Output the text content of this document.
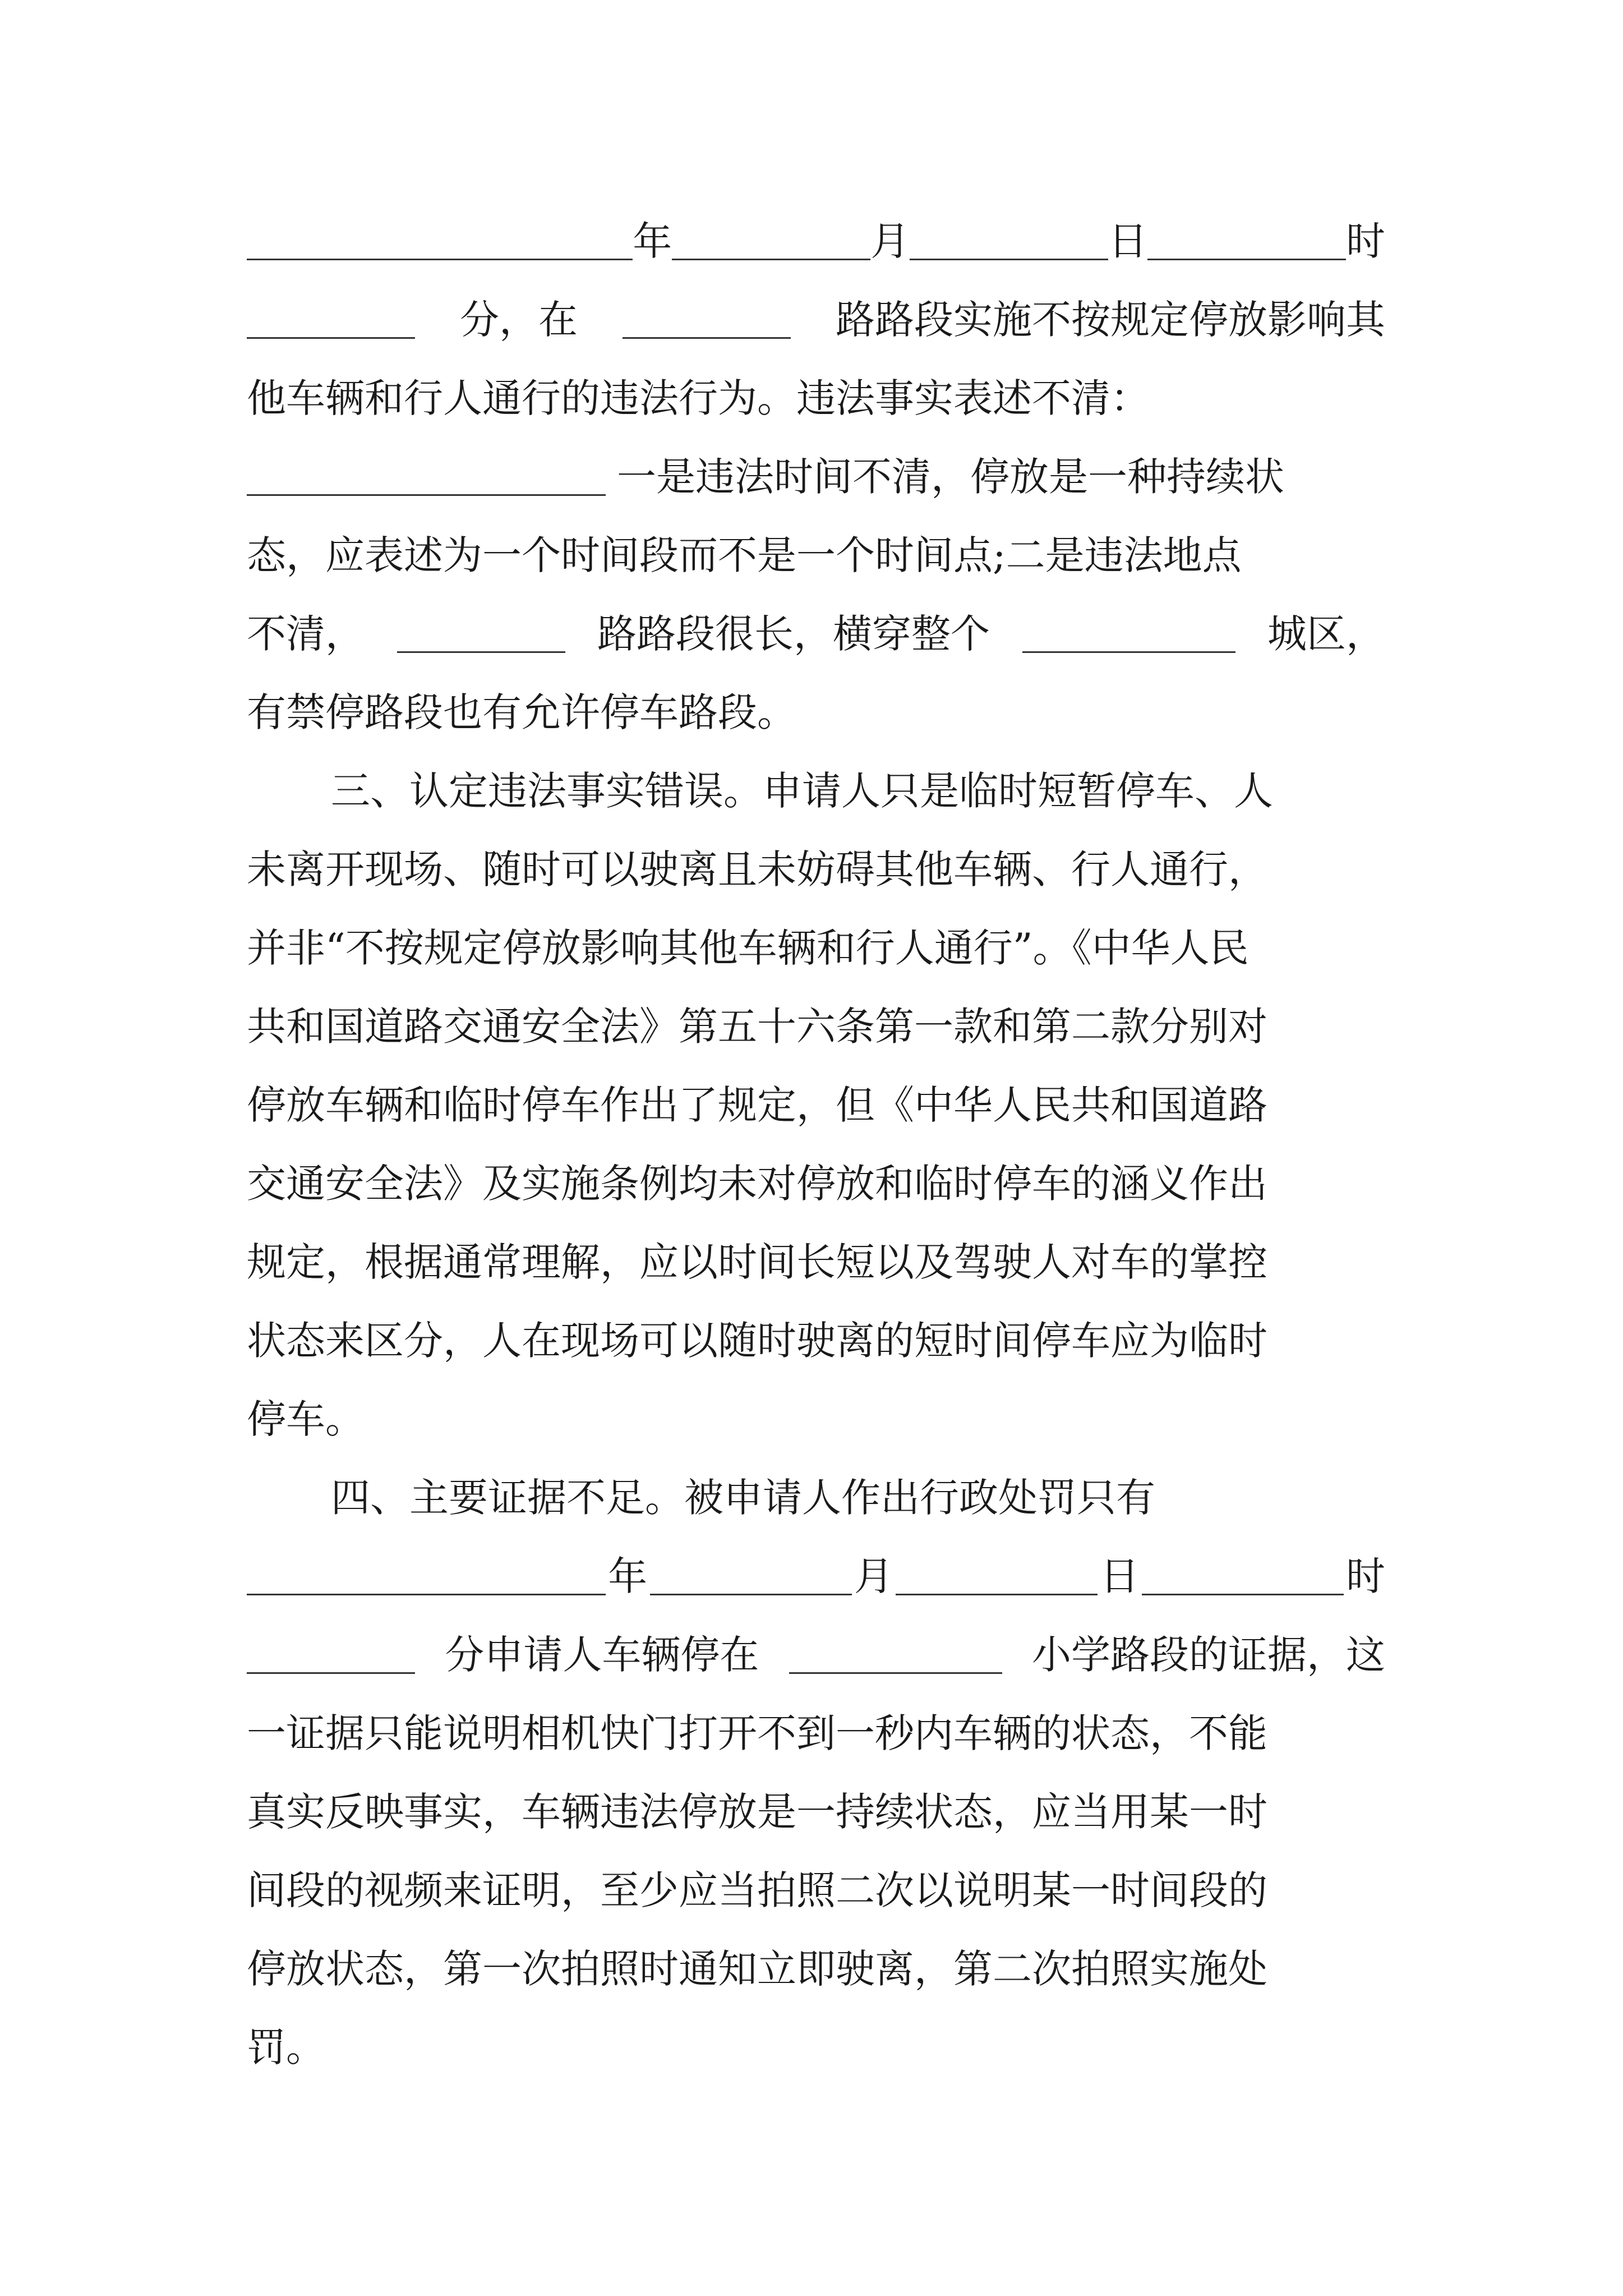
年	月	日	时
分，在	路路段实施不按规定停放影响其
他车辆和行人通行的违法行为。违法事实表述不清：
一是违法时间不清，停放是一种持续状
态，应表述为一个时间段而不是一个时间点;二是违法地点
不清，	路路段很长，横穿整个	城区，
有禁停路段也有允许停车路段。
三、认定违法事实错误。申请人只是临时短暂停车、人
未离开现场、随时可以驶离且未妨碍其他车辆、行人通行，
并非“不按规定停放影响其他车辆和行人通行”。《中华人民
共和国道路交通安全法》第五十六条第一款和第二款分别对
停放车辆和临时停车作出了规定，但《中华人民共和国道路
交通安全法》及实施条例均未对停放和临时停车的涵义作出
规定，根据通常理解，应以时间长短以及驾驶人对车的掌控
状态来区分，人在现场可以随时驶离的短时间停车应为临时
停车。
四、主要证据不足。被申请人作出行政处罚只有
年	月	日	时
分申请人车辆停在	小学路段的证据，这
一证据只能说明相机快门打开不到一秒内车辆的状态，不能
真实反映事实，车辆违法停放是一持续状态，应当用某一时
间段的视频来证明，至少应当拍照二次以说明某一时间段的
停放状态，第一次拍照时通知立即驶离，第二次拍照实施处
罚。
